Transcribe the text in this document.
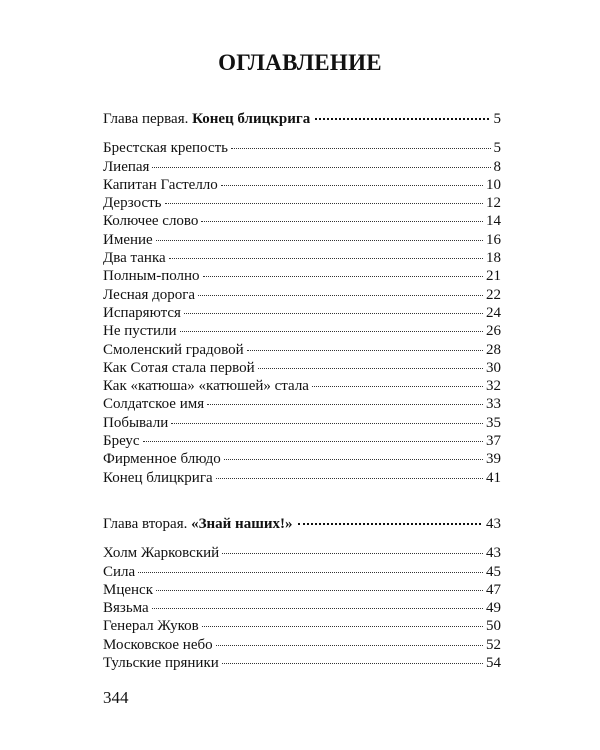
ОГЛАВЛЕНИЕ
Глава первая. Конец блицкрига	5
Брестская крепость	5
Лиепая	8
Капитан Гастелло	10
Дерзость	12
Колючее слово	14
Имение	16
Два танка	18
Полным-полно	21
Лесная дорога	22
Испаряются	24
Не пустили	26
Смоленский градовой	28
Как Сотая стала первой	30
Как «катюша» «катюшей» стала	32
Солдатское имя	33
Побывали	35
Бреус	37
Фирменное блюдо	39
Конец блицкрига	41
Глава вторая. «Знай наших!»	43
Холм Жарковский	43
Сила	45
Мценск	47
Вязьма	49
Генерал Жуков	50
Московское небо	52
Тульские пряники	54
344
